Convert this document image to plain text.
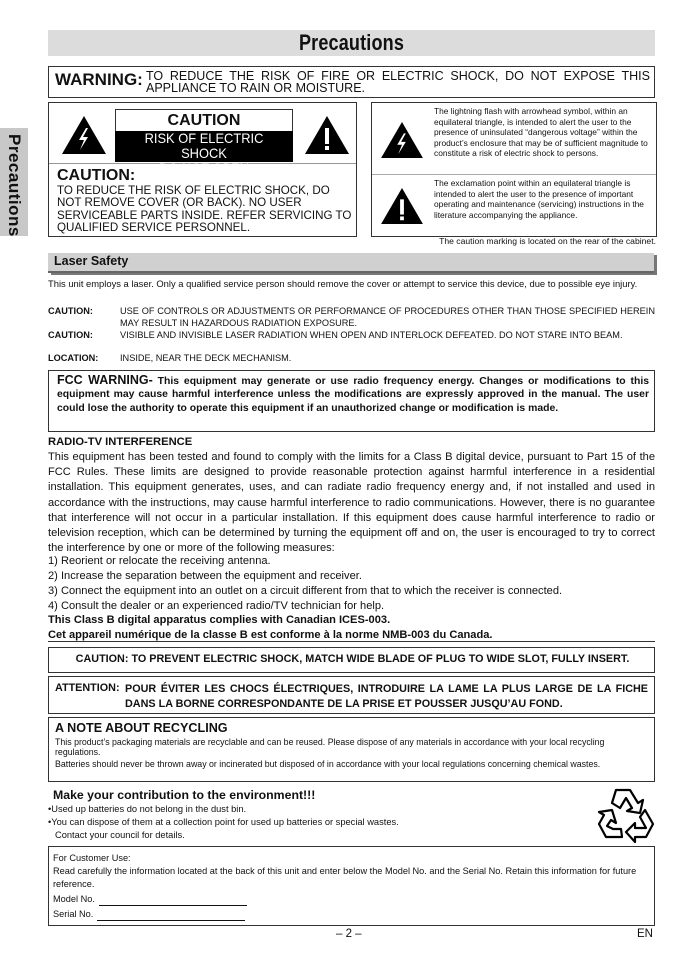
Precautions
Precautions
WARNING: TO REDUCE THE RISK OF FIRE OR ELECTRIC SHOCK, DO NOT EXPOSE THIS APPLIANCE TO RAIN OR MOISTURE.
CAUTION
RISK OF ELECTRIC SHOCK
DO NOT OPEN
CAUTION:
TO REDUCE THE RISK OF ELECTRIC SHOCK, DO NOT REMOVE COVER (OR BACK). NO USER SERVICEABLE PARTS INSIDE. REFER SERVICING TO QUALIFIED SERVICE PERSONNEL.
The lightning flash with arrowhead symbol, within an equilateral triangle, is intended to alert the user to the presence of uninsulated “dangerous voltage” within the product’s enclosure that may be of sufficient magnitude to constitute a risk of electric shock to persons.
The exclamation point within an equilateral triangle is intended to alert the user to the presence of important operating and maintenance (servicing) instructions in the literature accompanying the appliance.
The caution marking is located on the rear of the cabinet.
Laser Safety
This unit employs a laser. Only a qualified service person should remove the cover or attempt to service this device, due to possible eye injury.
CAUTION:	USE OF CONTROLS OR ADJUSTMENTS OR PERFORMANCE OF PROCEDURES OTHER THAN THOSE SPECIFIED HEREIN MAY RESULT IN HAZARDOUS RADIATION EXPOSURE.
CAUTION:	VISIBLE AND INVISIBLE LASER RADIATION WHEN OPEN AND INTERLOCK DEFEATED. DO NOT STARE INTO BEAM.
LOCATION: INSIDE, NEAR THE DECK MECHANISM.
FCC WARNING- This equipment may generate or use radio frequency energy. Changes or modifications to this equipment may cause harmful interference unless the modifications are expressly approved in the manual. The user could lose the authority to operate this equipment if an unauthorized change or modification is made.
RADIO-TV INTERFERENCE
This equipment has been tested and found to comply with the limits for a Class B digital device, pursuant to Part 15 of the FCC Rules. These limits are designed to provide reasonable protection against harmful interference in a residential installation. This equipment generates, uses, and can radiate radio frequency energy and, if not installed and used in accordance with the instructions, may cause harmful interference to radio communications. However, there is no guarantee that interference will not occur in a particular installation. If this equipment does cause harmful interference to radio or television reception, which can be determined by turning the equipment off and on, the user is encouraged to try to correct the interference by one or more of the following measures:
1) Reorient or relocate the receiving antenna.
2) Increase the separation between the equipment and receiver.
3) Connect the equipment into an outlet on a circuit different from that to which the receiver is connected.
4) Consult the dealer or an experienced radio/TV technician for help.
This Class B digital apparatus complies with Canadian ICES-003.
Cet appareil numérique de la classe B est conforme à la norme NMB-003 du Canada.
CAUTION: TO PREVENT ELECTRIC SHOCK, MATCH WIDE BLADE OF PLUG TO WIDE SLOT, FULLY INSERT.
ATTENTION: POUR ÉVITER LES CHOCS ÉLECTRIQUES, INTRODUIRE LA LAME LA PLUS LARGE DE LA FICHE DANS LA BORNE CORRESPONDANTE DE LA PRISE ET POUSSER JUSQU’AU FOND.
A NOTE ABOUT RECYCLING
This product’s packaging materials are recyclable and can be reused. Please dispose of any materials in accordance with your local recycling regulations.
Batteries should never be thrown away or incinerated but disposed of in accordance with your local regulations concerning chemical wastes.
Make your contribution to the environment!!!
•Used up batteries do not belong in the dust bin.
•You can dispose of them at a collection point for used up batteries or special wastes.
Contact your council for details.
For Customer Use:
Read carefully the information located at the back of this unit and enter below the Model No. and the Serial No. Retain this information for future reference.
Model No.
Serial No.
– 2 –	EN
